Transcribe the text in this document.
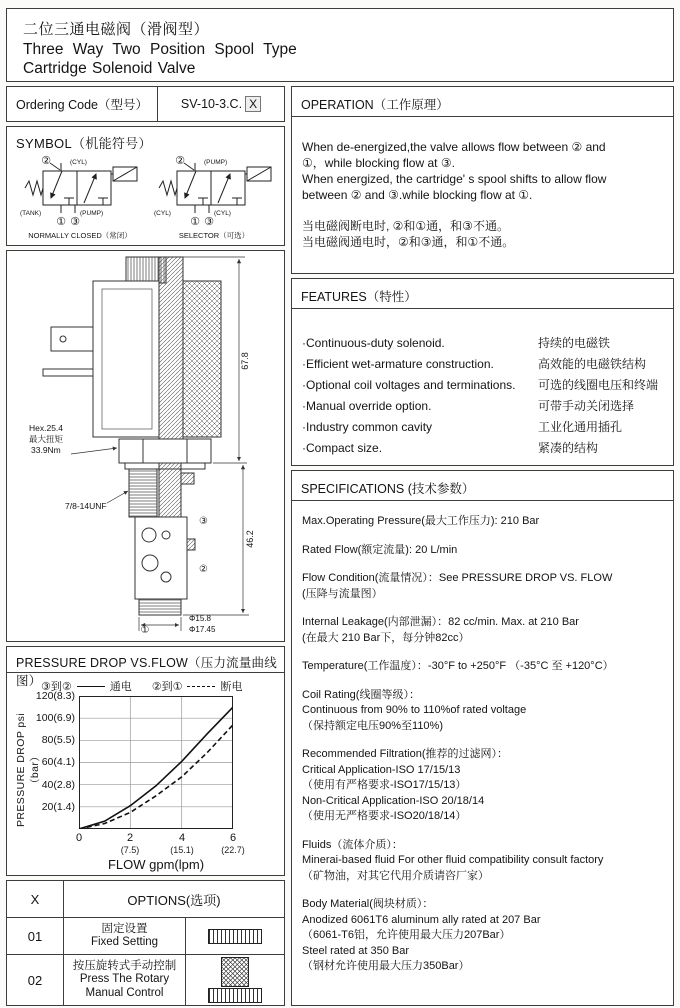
二位三通电磁阀（滑阀型）
Three Way Two Position Spool Type
Cartridge Solenoid Valve
Ordering Code（型号）	SV-10-3.C. X
SYMBOL（机能符号）
②	(CYL)
(TANK)
① ③
(PUMP)
NORMALLY CLOSED（常闭）
②	(PUMP)
(CYL)
① ③
(CYL)
SELECTOR（可选）
67.8
46.2
Hex.25.4
最大扭矩
33.9Nm
7/8-14UNF
③
②
①
Φ15.8
Φ17.45
PRESSURE DROP VS.FLOW（压力流量曲线图） ③到②	通电 ②到①	断电
120(8.3)
100(6.9)
80(5.5)
60(4.1)
40(2.8)
20(1.4)
0	2
(7.5)
4
(15.1)
6
(22.7)
PRESSURE DROP psi（bar）
FLOW gpm(lpm)
X	OPTIONS(选项)
01	固定设置
Fixed Setting
02
按压旋转式手动控制
Press The Rotary
Manual Control
OPERATION（工作原理）
When de-energized,the valve allows flow between ② and
①，while blocking flow at ③.
When energized, the cartridge' s spool shifts to allow flow
between ② and ③.while blocking flow at ①.
当电磁阀断电时, ②和①通，和③不通。
当电磁阀通电时，②和③通，和①不通。
FEATURES（特性）
·Continuous-duty solenoid.	持续的电磁铁
·Efficient wet-armature construction.	高效能的电磁铁结构
·Optional coil voltages and terminations.	可选的线圈电压和终端
·Manual override option.	可带手动关闭选择
·Industry common cavity	工业化通用插孔
·Compact size.	紧凑的结构
SPECIFICATIONS (技术参数）
Max.Operating Pressure(最大工作压力): 210 Bar
Rated Flow(额定流量): 20 L/min
Flow Condition(流量情况）：See PRESSURE DROP VS. FLOW
(压降与流量图）
Internal Leakage(内部泄漏）：82 cc/min. Max. at 210 Bar
(在最大 210 Bar下，每分钟82cc）
Temperature(工作温度）：-30°F to +250°F （-35°C 至 +120°C）
Coil Rating(线圈等级）：
Continuous from 90% to 110%of rated voltage
（保持额定电压90%至110%)
Recommended Filtration(推荐的过滤网）：
Critical Application-ISO 17/15/13
（使用有严格要求-ISO17/15/13）
Non-Critical Application-ISO 20/18/14
（使用无严格要求-ISO20/18/14）
Fluids（流体介质）：
Minerai-based fluid For other fluid compatibility consult factory
（矿物油，对其它代用介质请咨厂家）
Body Material(阀块材质）：
Anodized 6061T6 aluminum ally rated at 207 Bar
（6061-T6铝，允许使用最大压力207Bar）
Steel rated at 350 Bar
（钢材允许使用最大压力350Bar）
